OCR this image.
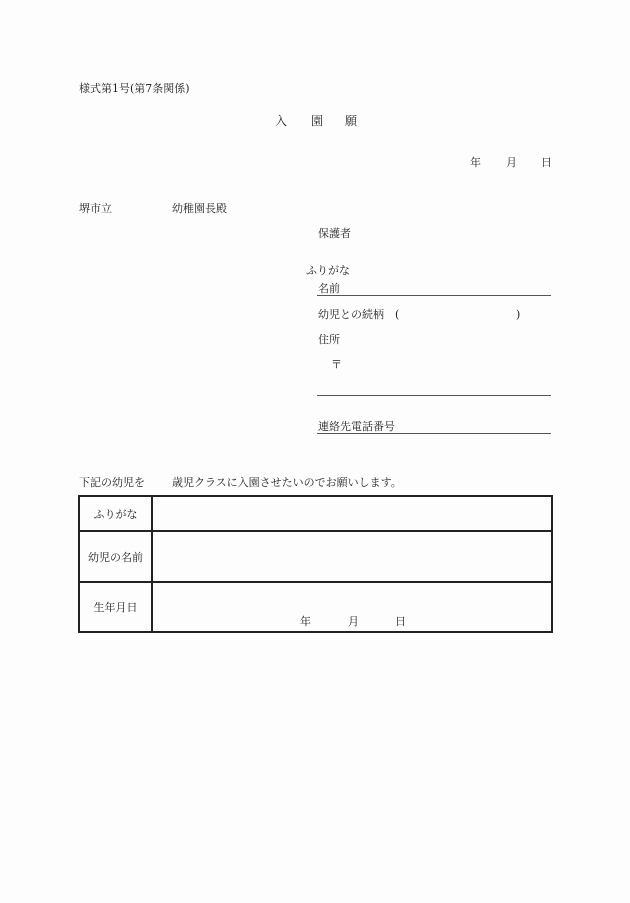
様式第1号(第7条関係)
入 園 願
年 月 日
堺市立	幼稚園長殿
保護者
ふりがな
名前
幼児との続柄 (	)
住所
〒
連絡先電話番号
下記の幼児を 歳児クラスに入園させたいのでお願いします。
ふりがな	
幼児の名前	
生年月日	年 月 日
